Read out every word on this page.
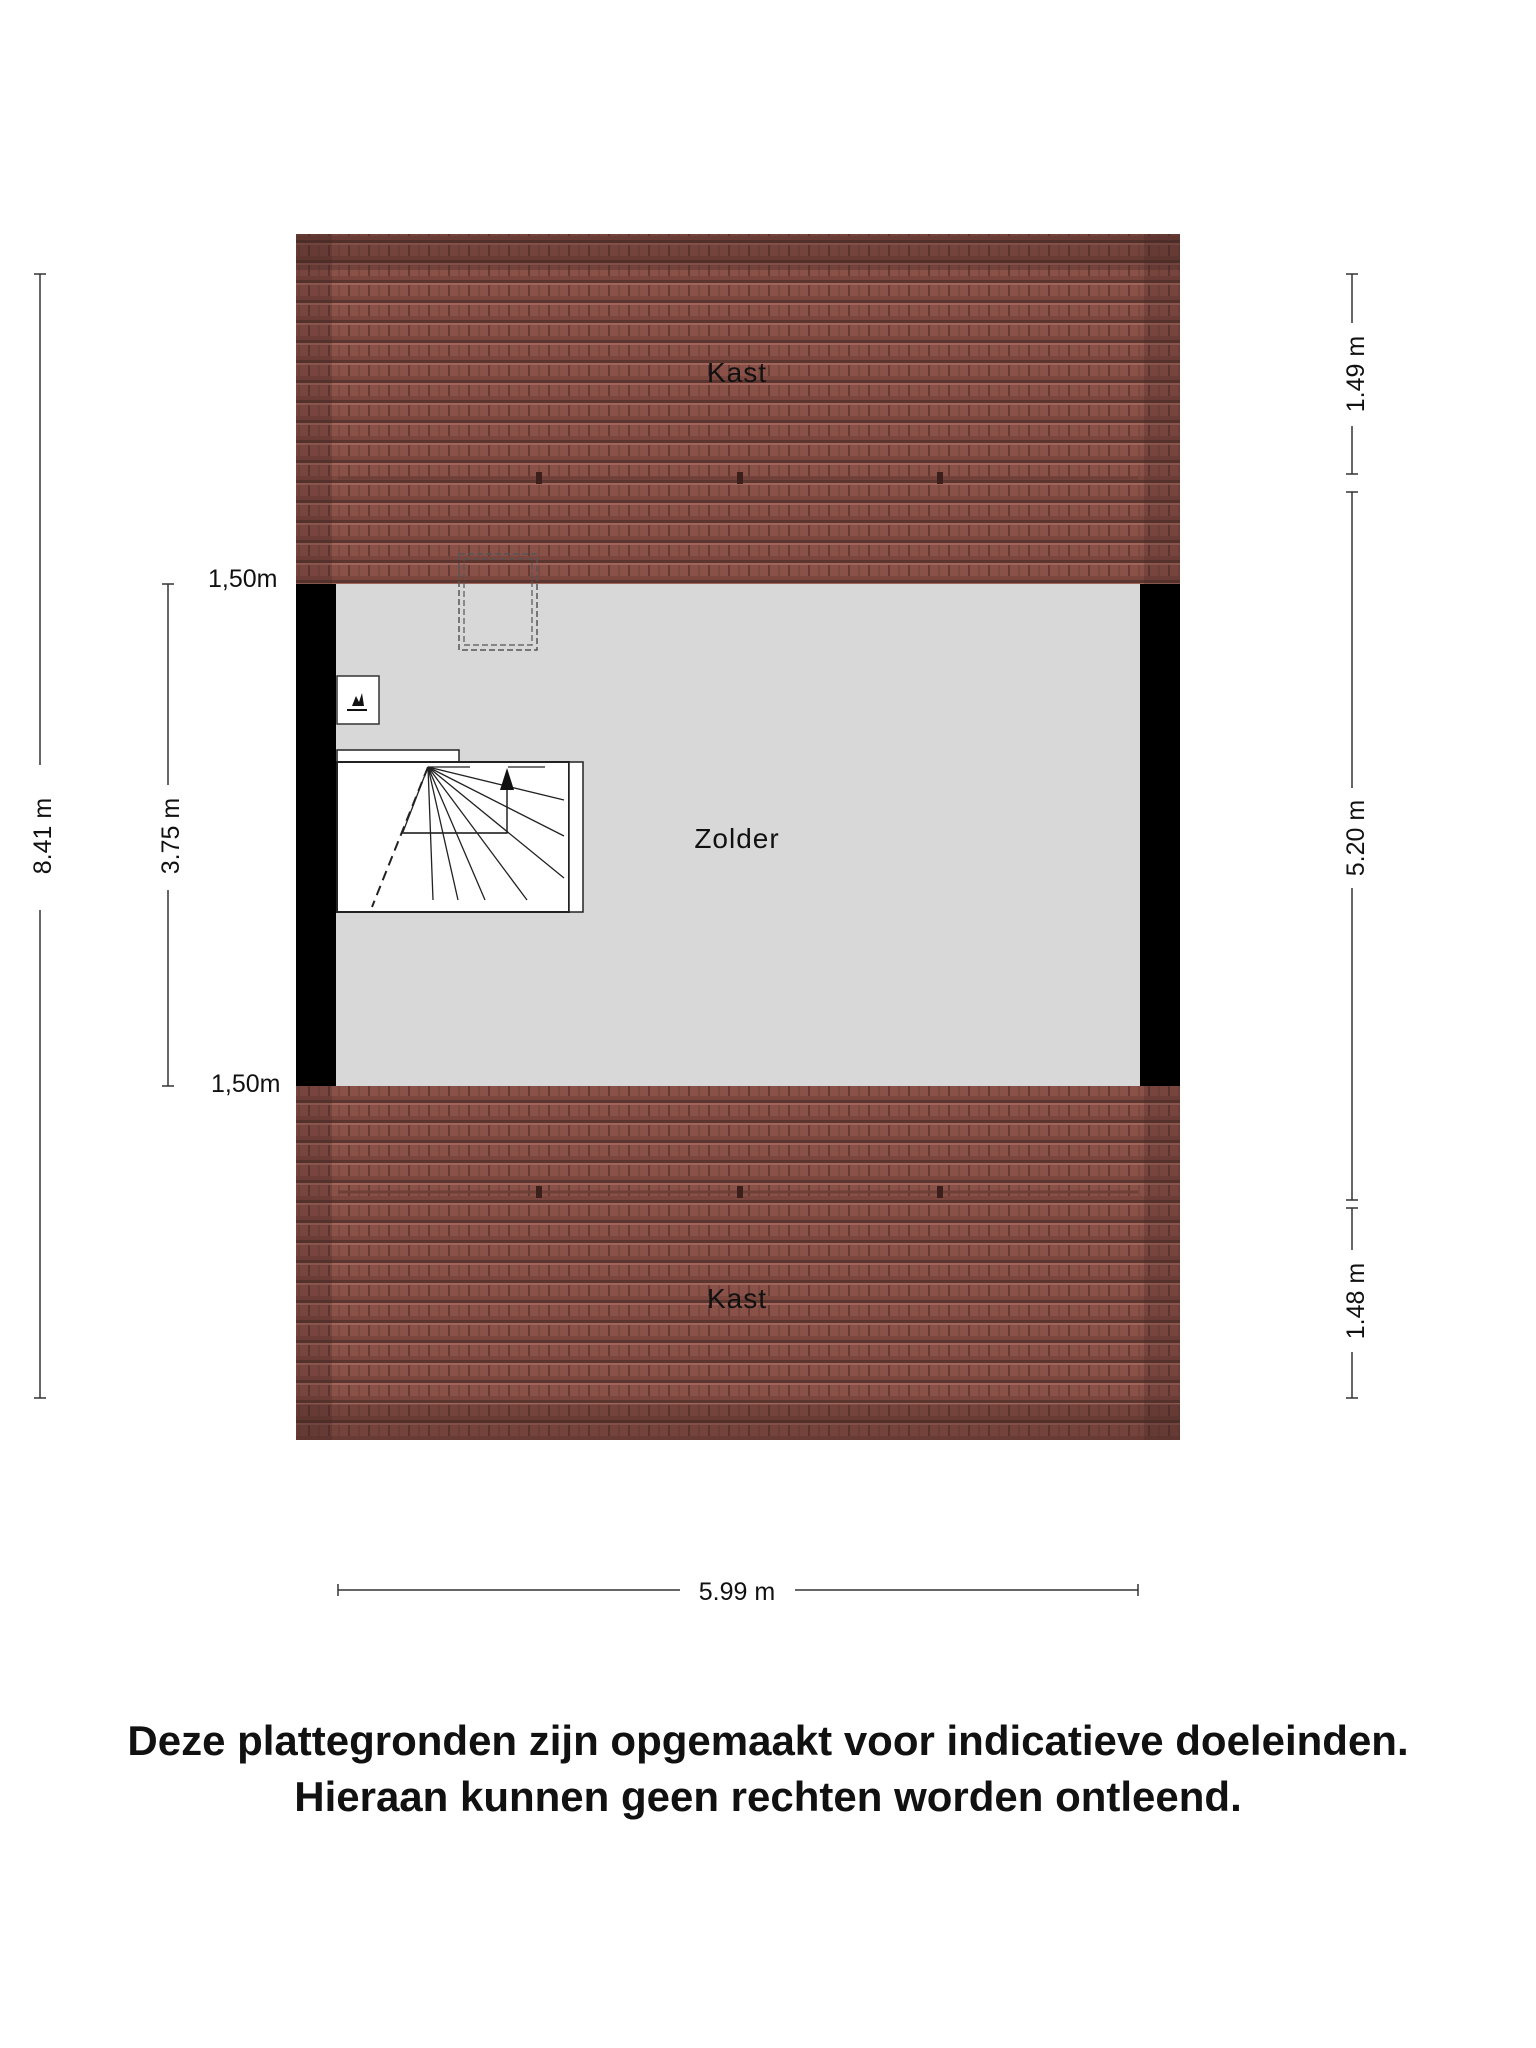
8.41 m	3.75 m
1,50m
1,50m
1.49 m
5.20 m
1.48 m
5.99 m
Kast
Zolder
Kast
Deze plattegronden zijn opgemaakt voor indicatieve doeleinden.
Hieraan kunnen geen rechten worden ontleend.
